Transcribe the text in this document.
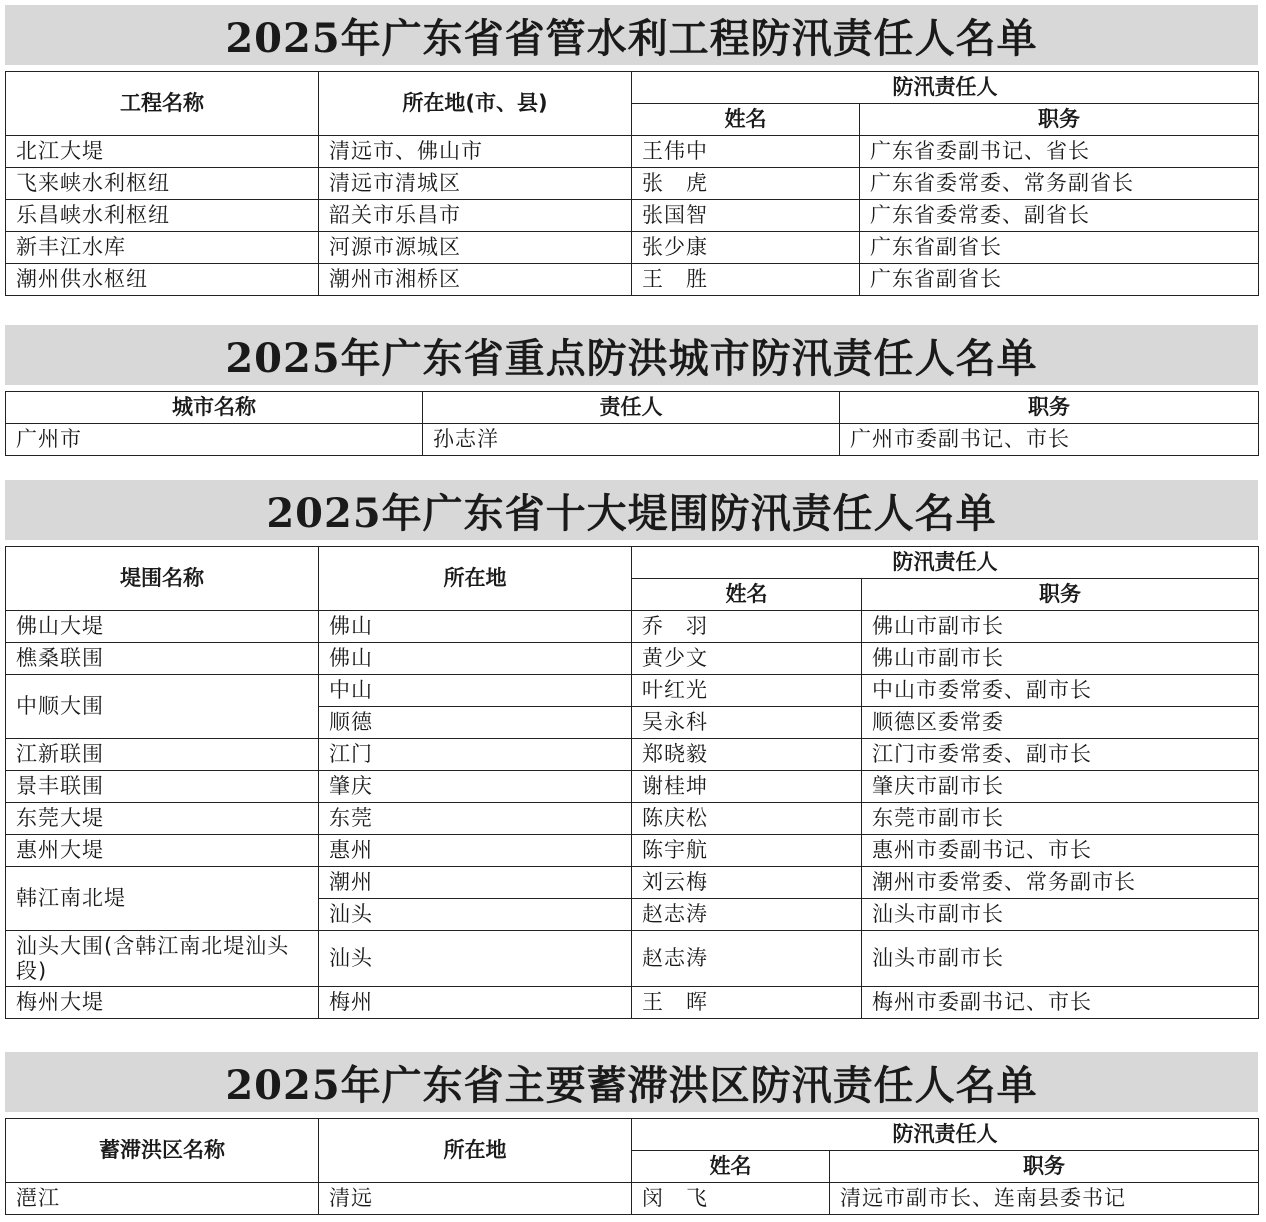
2025年广东省省管水利工程防汛责任人名单
工程名称	所在地(市、县)	防汛责任人	
		姓名	职务
北江大堤	清远市、佛山市	王伟中	广东省委副书记、省长
飞来峡水利枢纽	清远市清城区	张　虎	广东省委常委、常务副省长
乐昌峡水利枢纽	韶关市乐昌市	张国智	广东省委常委、副省长
新丰江水库	河源市源城区	张少康	广东省副省长
潮州供水枢纽	潮州市湘桥区	王　胜	广东省副省长
2025年广东省重点防洪城市防汛责任人名单
城市名称	责任人	职务
广州市	孙志洋	广州市委副书记、市长
2025年广东省十大堤围防汛责任人名单
堤围名称	所在地	防汛责任人	
		姓名	职务
佛山大堤	佛山	乔　羽	佛山市副市长
樵桑联围	佛山	黄少文	佛山市副市长
中顺大围	中山	叶红光	中山市委常委、副市长
	顺德	吴永科	顺德区委常委
江新联围	江门	郑晓毅	江门市委常委、副市长
景丰联围	肇庆	谢桂坤	肇庆市副市长
东莞大堤	东莞	陈庆松	东莞市副市长
惠州大堤	惠州	陈宇航	惠州市委副书记、市长
韩江南北堤	潮州	刘云梅	潮州市委常委、常务副市长
	汕头	赵志涛	汕头市副市长
汕头大围(含韩江南北堤汕头段)	汕头	赵志涛	汕头市副市长
梅州大堤	梅州	王　晖	梅州市委副书记、市长
2025年广东省主要蓄滞洪区防汛责任人名单
蓄滞洪区名称	所在地	防汛责任人	
		姓名	职务
潖江	清远	闵　飞	清远市副市长、连南县委书记
